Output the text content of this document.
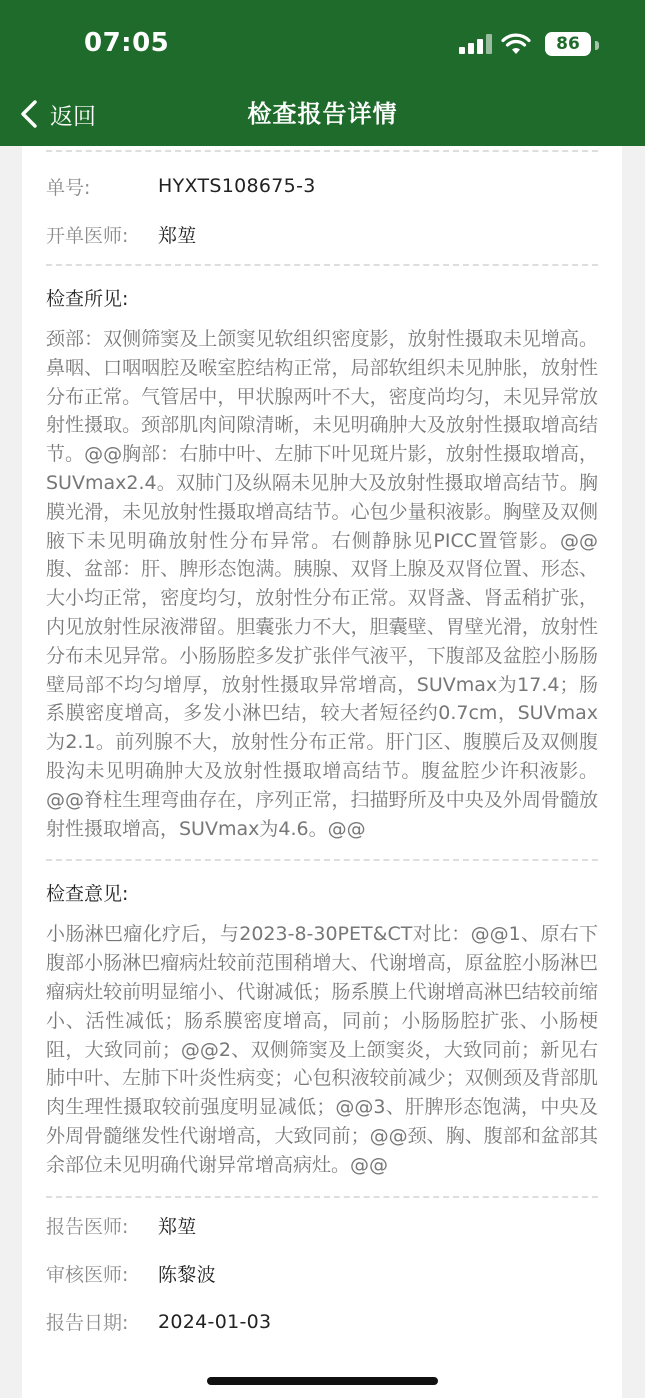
07:05	86
返回	检查报告详情
单号:	HYXTS108675-3
开单医师:	郑堃
检查所见:
颈部：双侧筛窦及上颌窦见软组织密度影，放射性摄取未见增高。鼻咽、口咽咽腔及喉室腔结构正常，局部软组织未见肿胀，放射性分布正常。气管居中，甲状腺两叶不大，密度尚均匀，未见异常放射性摄取。颈部肌肉间隙清晰，未见明确肿大及放射性摄取增高结节。@@胸部：右肺中叶、左肺下叶见斑片影，放射性摄取增高，SUVmax2.4。双肺门及纵隔未见肿大及放射性摄取增高结节。胸膜光滑，未见放射性摄取增高结节。心包少量积液影。胸壁及双侧腋下未见明确放射性分布异常。右侧静脉见PICC置管影。@@腹、盆部：肝、脾形态饱满。胰腺、双肾上腺及双肾位置、形态、大小均正常，密度均匀，放射性分布正常。双肾盏、肾盂稍扩张，内见放射性尿液滞留。胆囊张力不大，胆囊壁、胃壁光滑，放射性分布未见异常。小肠肠腔多发扩张伴气液平，下腹部及盆腔小肠肠壁局部不均匀增厚，放射性摄取异常增高，SUVmax为17.4；肠系膜密度增高，多发小淋巴结，较大者短径约0.7cm，SUVmax为2.1。前列腺不大，放射性分布正常。肝门区、腹膜后及双侧腹股沟未见明确肿大及放射性摄取增高结节。腹盆腔少许积液影。@@脊柱生理弯曲存在，序列正常，扫描野所及中央及外周骨髓放射性摄取增高，SUVmax为4.6。@@
检查意见:
小肠淋巴瘤化疗后，与2023-8-30PET&CT对比：@@1、原右下腹部小肠淋巴瘤病灶较前范围稍增大、代谢增高，原盆腔小肠淋巴瘤病灶较前明显缩小、代谢减低；肠系膜上代谢增高淋巴结较前缩小、活性减低；肠系膜密度增高，同前；小肠肠腔扩张、小肠梗阻，大致同前；@@2、双侧筛窦及上颌窦炎，大致同前；新见右肺中叶、左肺下叶炎性病变；心包积液较前减少；双侧颈及背部肌肉生理性摄取较前强度明显减低；@@3、肝脾形态饱满，中央及外周骨髓继发性代谢增高，大致同前；@@颈、胸、腹部和盆部其余部位未见明确代谢异常增高病灶。@@
报告医师:	郑堃
审核医师:	陈黎波
报告日期:	2024-01-03
